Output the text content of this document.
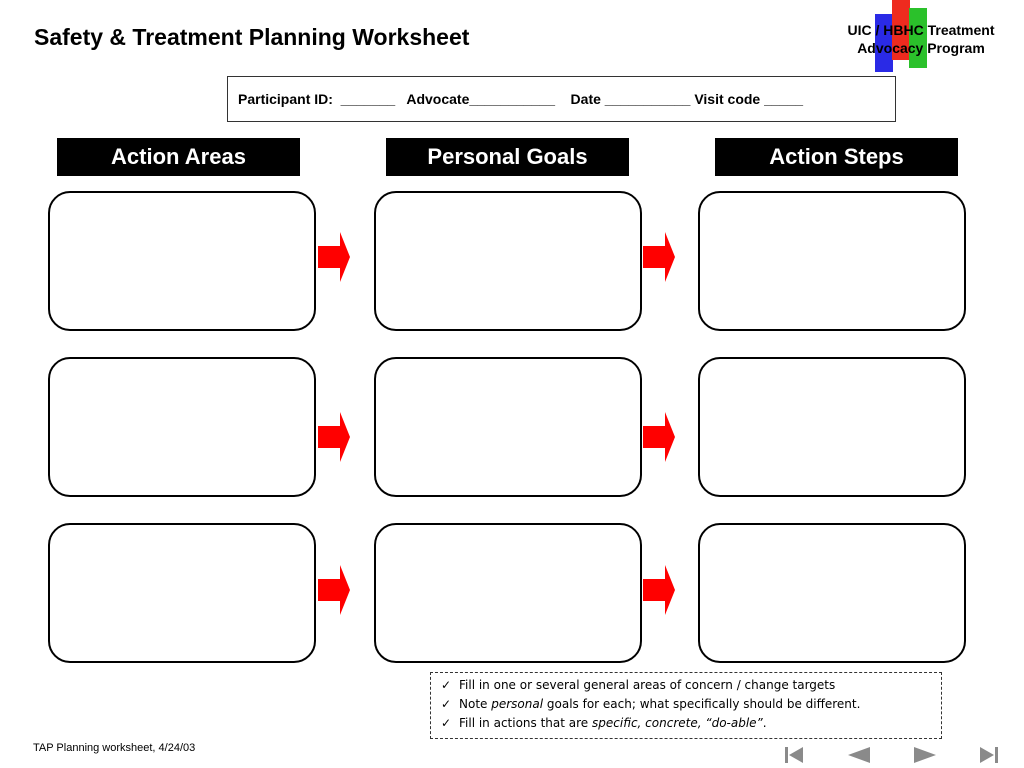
Safety & Treatment Planning Worksheet	UIC / HBHC Treatment
Advocacy Program
Participant ID:  _______   Advocate___________    Date ___________ Visit code _____
Action Areas	Personal Goals	Action Steps
✓ Fill in one or several general areas of concern / change targets
✓ Note personal goals for each; what specifically should be different.
✓ Fill in actions that are specific, concrete, “do-able”.
TAP Planning worksheet, 4/24/03
